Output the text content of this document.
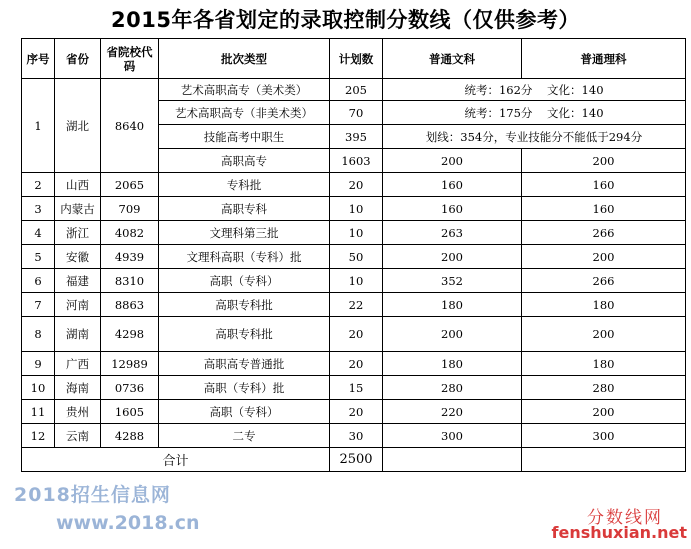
2015年各省划定的录取控制分数线（仅供参考）
序号	省份	省院校代码	批次类型	计划数	普通文科	普通理科
1	湖北	8640	艺术高职高专（美术类）	205	统考：162分    文化：140	
			艺术高职高专（非美术类）	70	统考：175分    文化：140	
			技能高考中职生	395	划线：354分，专业技能分不能低于294分	
			高职高专	1603	200	200
2	山西	2065	专科批	20	160	160
3	内蒙古	709	高职专科	10	160	160
4	浙江	4082	文理科第三批	10	263	266
5	安徽	4939	文理科高职（专科）批	50	200	200
6	福建	8310	高职（专科）	10	352	266
7	河南	8863	高职专科批	22	180	180
8	湖南	4298	高职专科批	20	200	200
9	广西	12989	高职高专普通批	20	180	180
10	海南	0736	高职（专科）批	15	280	280
11	贵州	1605	高职（专科）	20	220	200
12	云南	4288	二专	30	300	300
合计				2500		
2018招生信息网
www.2018.cn	分数线网
fenshuxian.net
